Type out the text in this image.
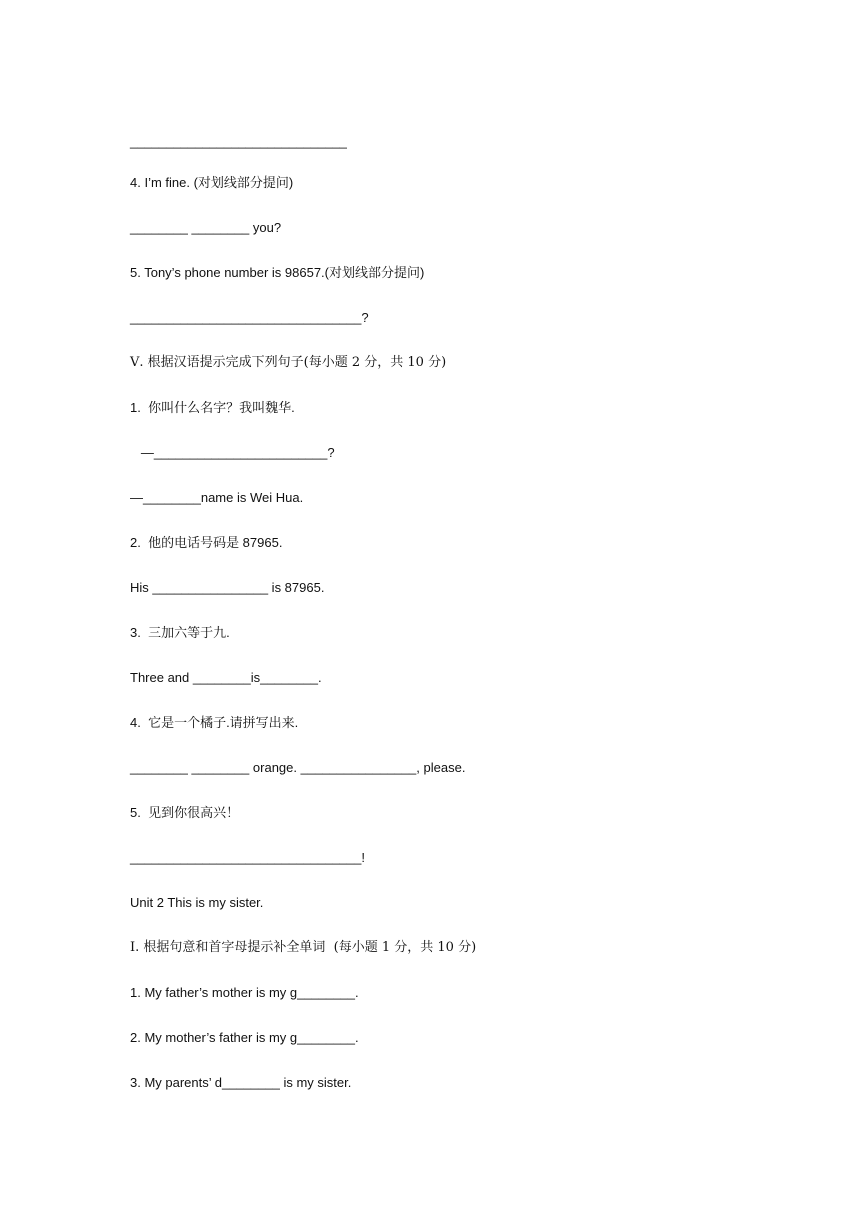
______________________________
4. I’m fine. (对划线部分提问)
________ ________ you?
5. Tony’s phone number is 98657.(对划线部分提问)
________________________________?
Ⅴ. 根据汉语提示完成下列句子(每小题 2 分，共 10 分)
1.  你叫什么名字？我叫魏华.
—________________________?
—________name is Wei Hua.
2.  他的电话号码是 87965.
His ________________ is 87965.
3.  三加六等于九.
Three and ________is________.
4.  它是一个橘子.请拼写出来.
________ ________ orange. ________________, please.
5.  见到你很高兴！
________________________________!
Unit 2 This is my sister.
Ⅰ. 根据句意和首字母提示补全单词  (每小题 1 分，共 10 分)
1. My father’s mother is my g________.
2. My mother’s father is my g________.
3. My parents’ d________ is my sister.
